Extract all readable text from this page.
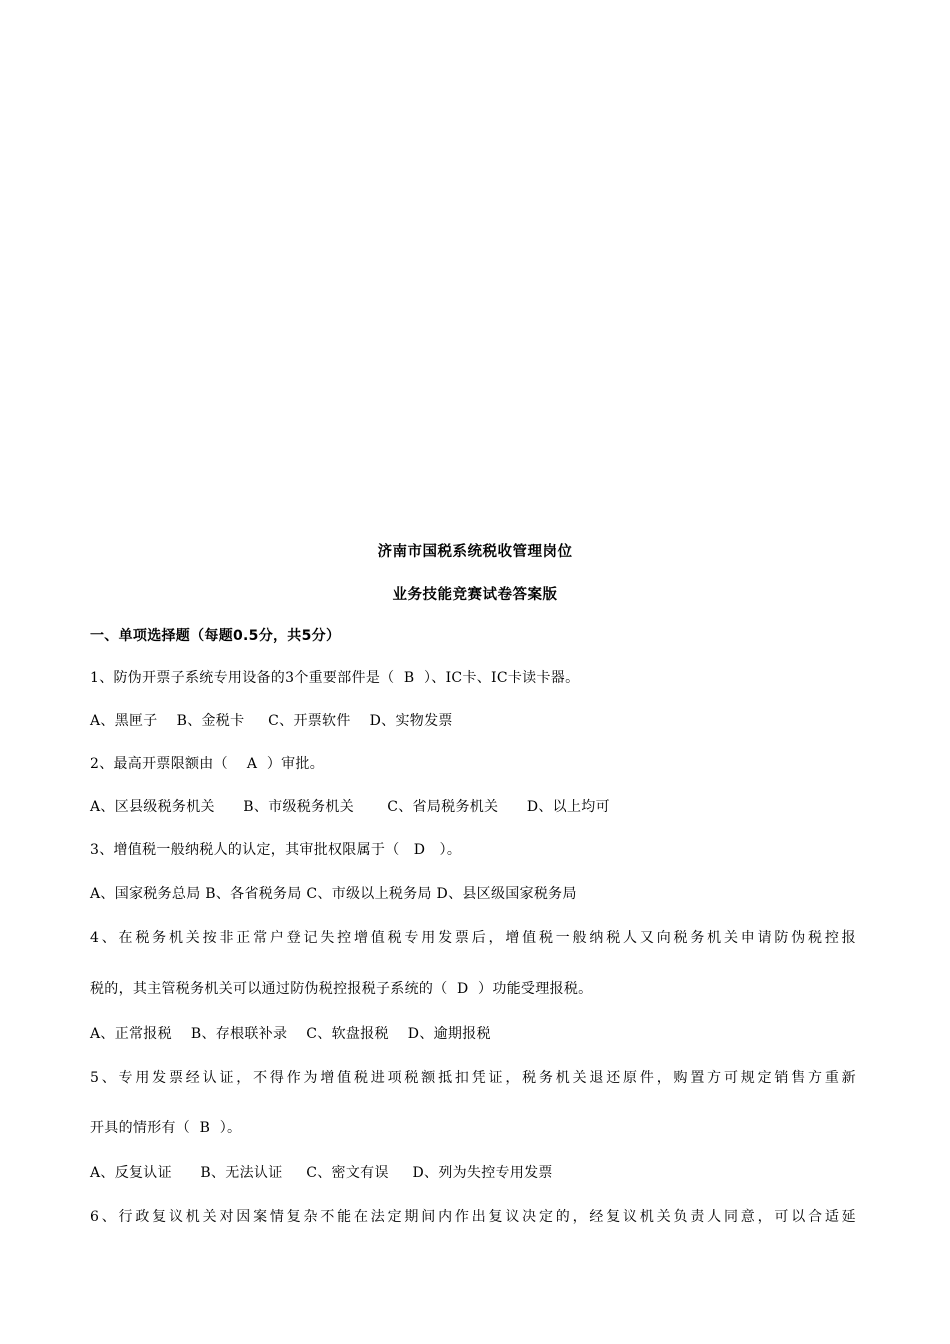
济南市国税系统税收管理岗位
业务技能竞赛试卷答案版
一、单项选择题（每题0.5分，共5分）
1、防伪开票子系统专用设备的3个重要部件是（  B  ）、IC卡、IC卡读卡器。
A、黑匣子    B、金税卡     C、开票软件    D、实物发票
2、最高开票限额由（    A  ）审批。
A、区县级税务机关      B、市级税务机关       C、省局税务机关      D、以上均可
3、增值税一般纳税人的认定，其审批权限属于（   D   ）。
A、国家税务总局 B、各省税务局 C、市级以上税务局 D、县区级国家税务局
4、在税务机关按非正常户登记失控增值税专用发票后，增值税一般纳税人又向税务机关申请防伪税控报
税的，其主管税务机关可以通过防伪税控报税子系统的（  D  ）功能受理报税。
A、正常报税    B、存根联补录    C、软盘报税    D、逾期报税
5、专用发票经认证，不得作为增值税进项税额抵扣凭证，税务机关退还原件，购置方可规定销售方重新
开具的情形有（  B  ）。
A、反复认证      B、无法认证     C、密文有误     D、列为失控专用发票
6、行政复议机关对因案情复杂不能在法定期间内作出复议决定的，经复议机关负责人同意，可以合适延
